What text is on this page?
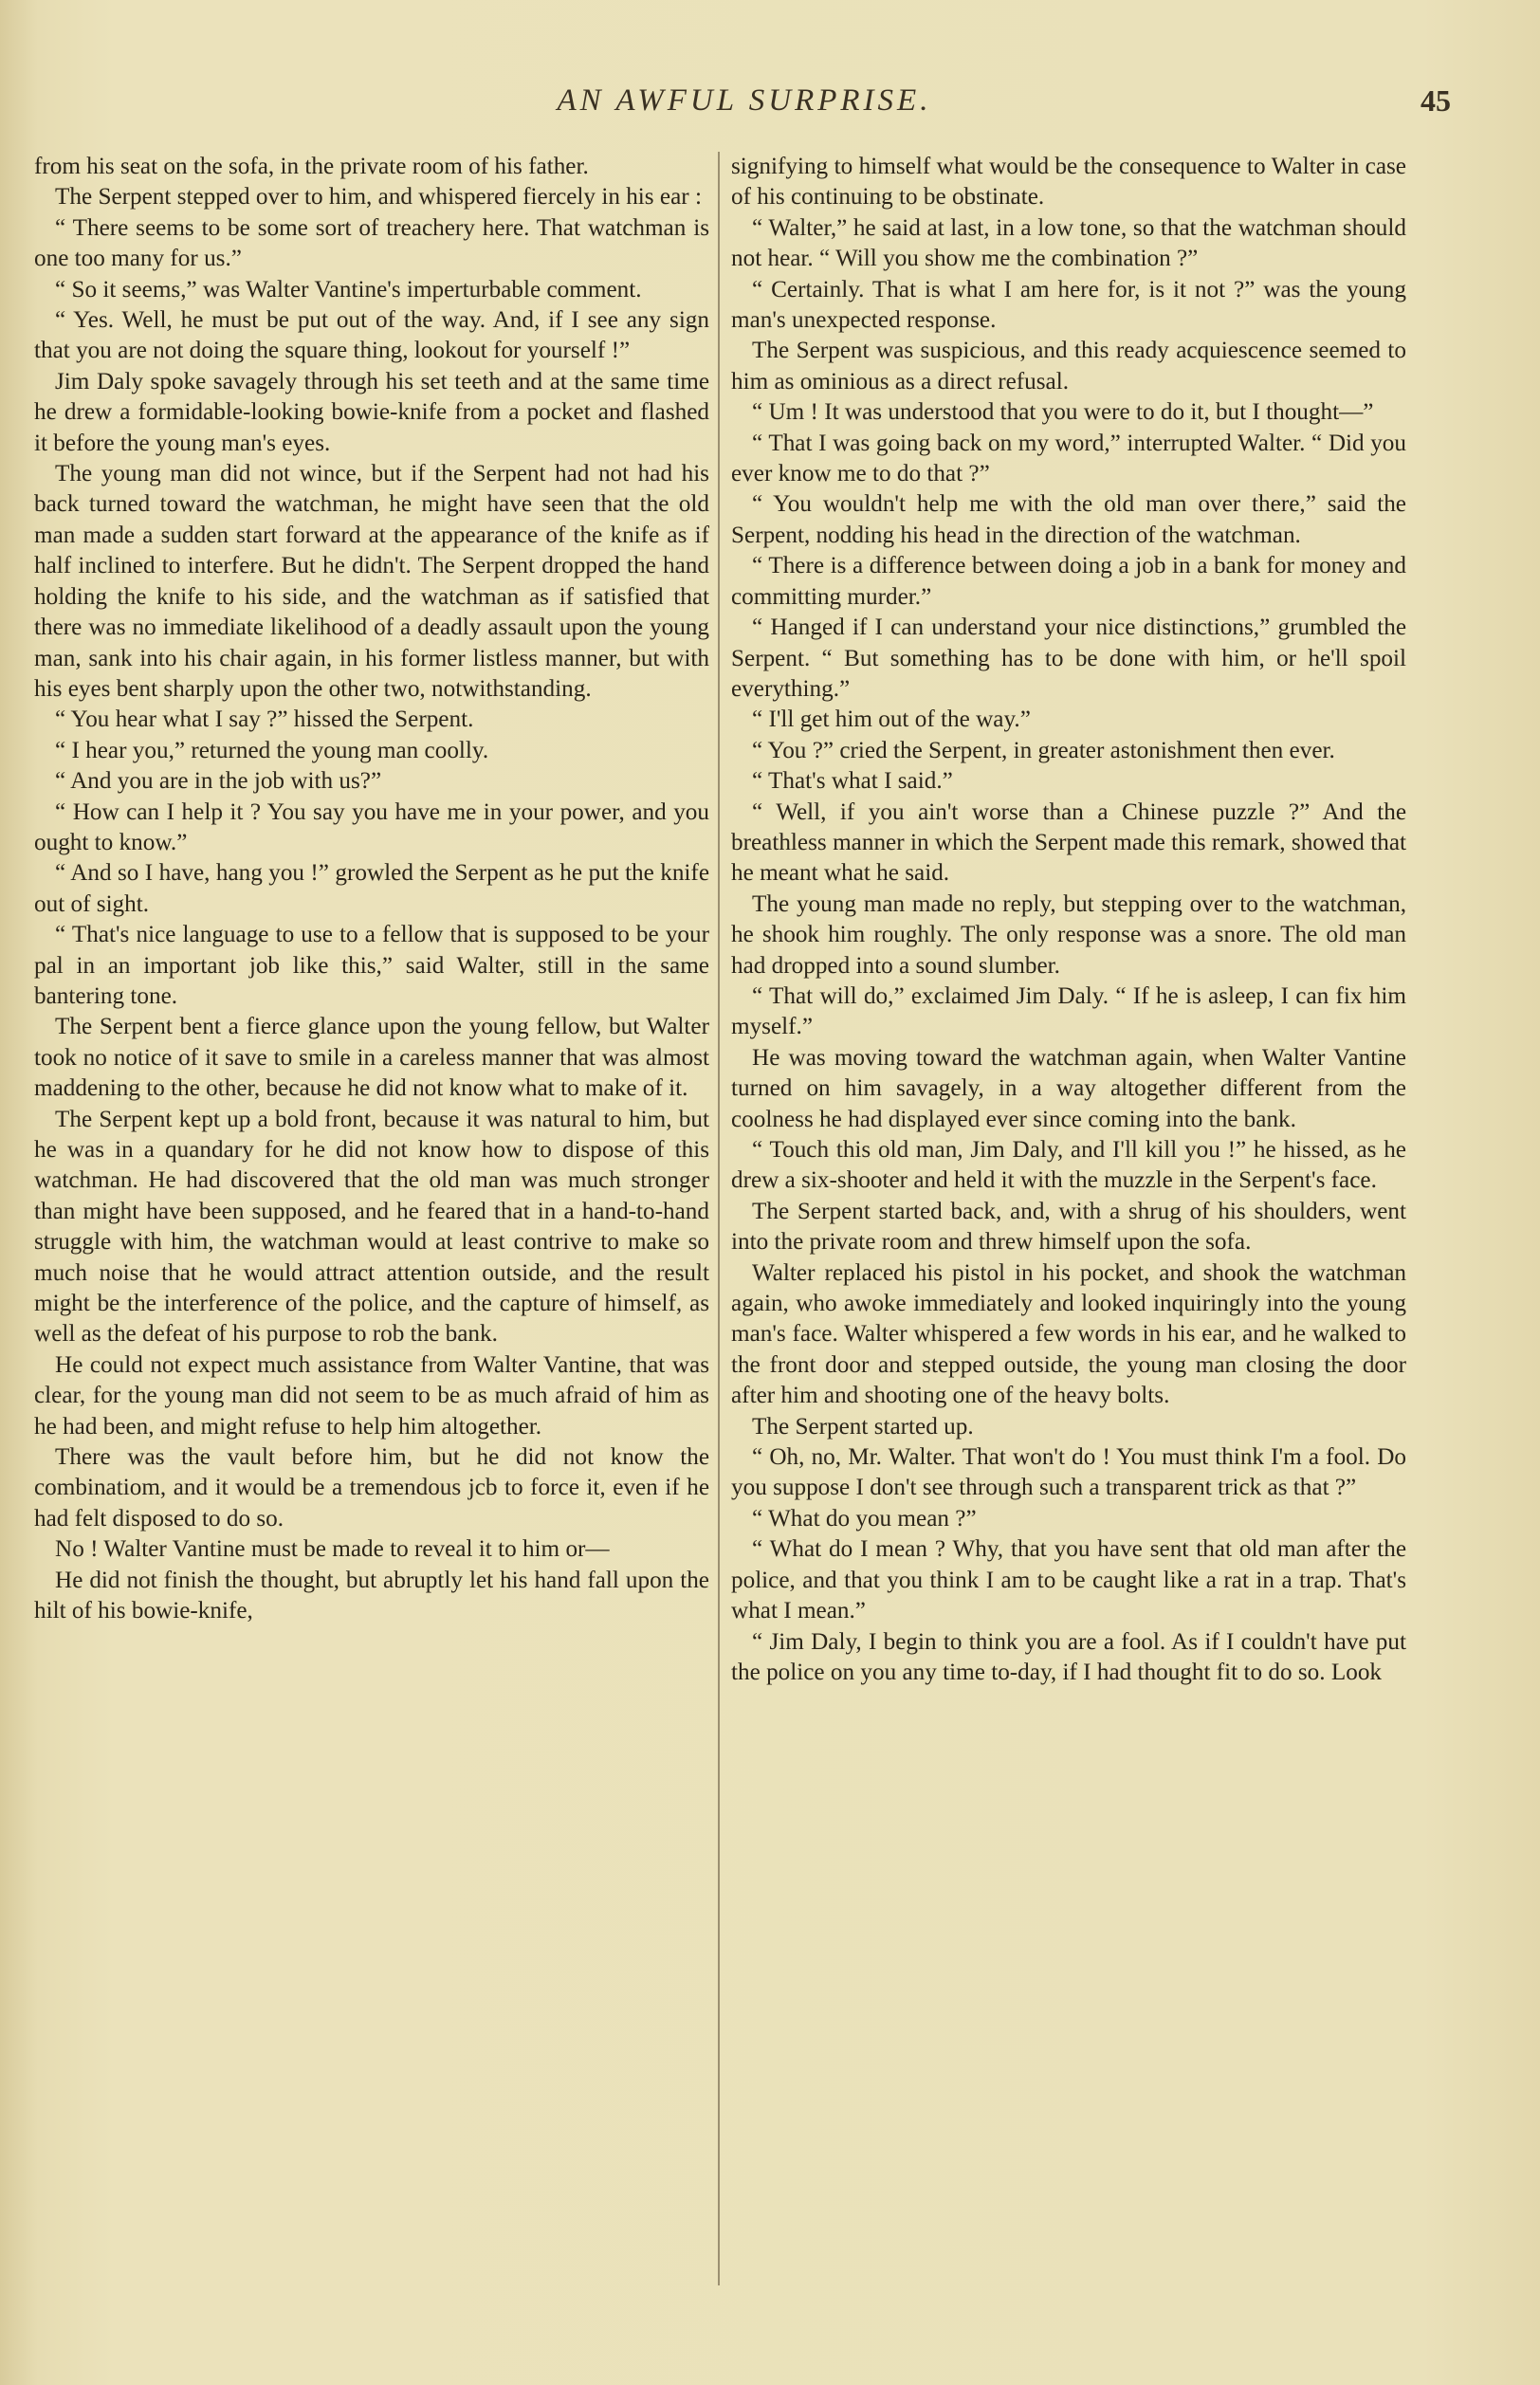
AN AWFUL SURPRISE.	45

from his seat on the sofa, in the private room of his father.

The Serpent stepped over to him, and whispered fiercely in his ear :

“ There seems to be some sort of treachery here. That watchman is one too many for us.”

“ So it seems,” was Walter Vantine's imperturbable comment.

“ Yes. Well, he must be put out of the way. And, if I see any sign that you are not doing the square thing, lookout for yourself !”

Jim Daly spoke savagely through his set teeth and at the same time he drew a formidable-looking bowie-knife from a pocket and flashed it before the young man's eyes.

The young man did not wince, but if the Serpent had not had his back turned toward the watchman, he might have seen that the old man made a sudden start forward at the appearance of the knife as if half inclined to interfere. But he didn't. The Serpent dropped the hand holding the knife to his side, and the watchman as if satisfied that there was no immediate likelihood of a deadly assault upon the young man, sank into his chair again, in his former listless manner, but with his eyes bent sharply upon the other two, notwithstanding.

“ You hear what I say ?” hissed the Serpent.

“ I hear you,” returned the young man coolly.

“ And you are in the job with us?”

“ How can I help it ? You say you have me in your power, and you ought to know.”

“ And so I have, hang you !” growled the Serpent as he put the knife out of sight.

“ That's nice language to use to a fellow that is supposed to be your pal in an important job like this,” said Walter, still in the same bantering tone.

The Serpent bent a fierce glance upon the young fellow, but Walter took no notice of it save to smile in a careless manner that was almost maddening to the other, because he did not know what to make of it.

The Serpent kept up a bold front, because it was natural to him, but he was in a quandary for he did not know how to dispose of this watchman. He had discovered that the old man was much stronger than might have been supposed, and he feared that in a hand-to-hand struggle with him, the watchman would at least contrive to make so much noise that he would attract attention outside, and the result might be the interference of the police, and the capture of himself, as well as the defeat of his purpose to rob the bank.

He could not expect much assistance from Walter Vantine, that was clear, for the young man did not seem to be as much afraid of him as he had been, and might refuse to help him altogether.

There was the vault before him, but he did not know the combinatiom, and it would be a tremendous jcb to force it, even if he had felt disposed to do so.

No ! Walter Vantine must be made to reveal it to him or—

He did not finish the thought, but abruptly let his hand fall upon the hilt of his bowie-knife,

signifying to himself what would be the consequence to Walter in case of his continuing to be obstinate.

“ Walter,” he said at last, in a low tone, so that the watchman should not hear. “ Will you show me the combination ?”

“ Certainly. That is what I am here for, is it not ?” was the young man's unexpected response.

The Serpent was suspicious, and this ready acquiescence seemed to him as ominious as a direct refusal.

“ Um ! It was understood that you were to do it, but I thought—”

“ That I was going back on my word,” interrupted Walter. “ Did you ever know me to do that ?”

“ You wouldn't help me with the old man over there,” said the Serpent, nodding his head in the direction of the watchman.

“ There is a difference between doing a job in a bank for money and committing murder.”

“ Hanged if I can understand your nice distinctions,” grumbled the Serpent. “ But something has to be done with him, or he'll spoil everything.”

“ I'll get him out of the way.”

“ You ?” cried the Serpent, in greater astonishment then ever.

“ That's what I said.”

“ Well, if you ain't worse than a Chinese puzzle ?” And the breathless manner in which the Serpent made this remark, showed that he meant what he said.

The young man made no reply, but stepping over to the watchman, he shook him roughly. The only response was a snore. The old man had dropped into a sound slumber.

“ That will do,” exclaimed Jim Daly. “ If he is asleep, I can fix him myself.”

He was moving toward the watchman again, when Walter Vantine turned on him savagely, in a way altogether different from the coolness he had displayed ever since coming into the bank.

“ Touch this old man, Jim Daly, and I'll kill you !” he hissed, as he drew a six-shooter and held it with the muzzle in the Serpent's face.

The Serpent started back, and, with a shrug of his shoulders, went into the private room and threw himself upon the sofa.

Walter replaced his pistol in his pocket, and shook the watchman again, who awoke immediately and looked inquiringly into the young man's face. Walter whispered a few words in his ear, and he walked to the front door and stepped outside, the young man closing the door after him and shooting one of the heavy bolts.

The Serpent started up.

“ Oh, no, Mr. Walter. That won't do ! You must think I'm a fool. Do you suppose I don't see through such a transparent trick as that ?”

“ What do you mean ?”

“ What do I mean ? Why, that you have sent that old man after the police, and that you think I am to be caught like a rat in a trap. That's what I mean.”

“ Jim Daly, I begin to think you are a fool. As if I couldn't have put the police on you any time to-day, if I had thought fit to do so. Look
